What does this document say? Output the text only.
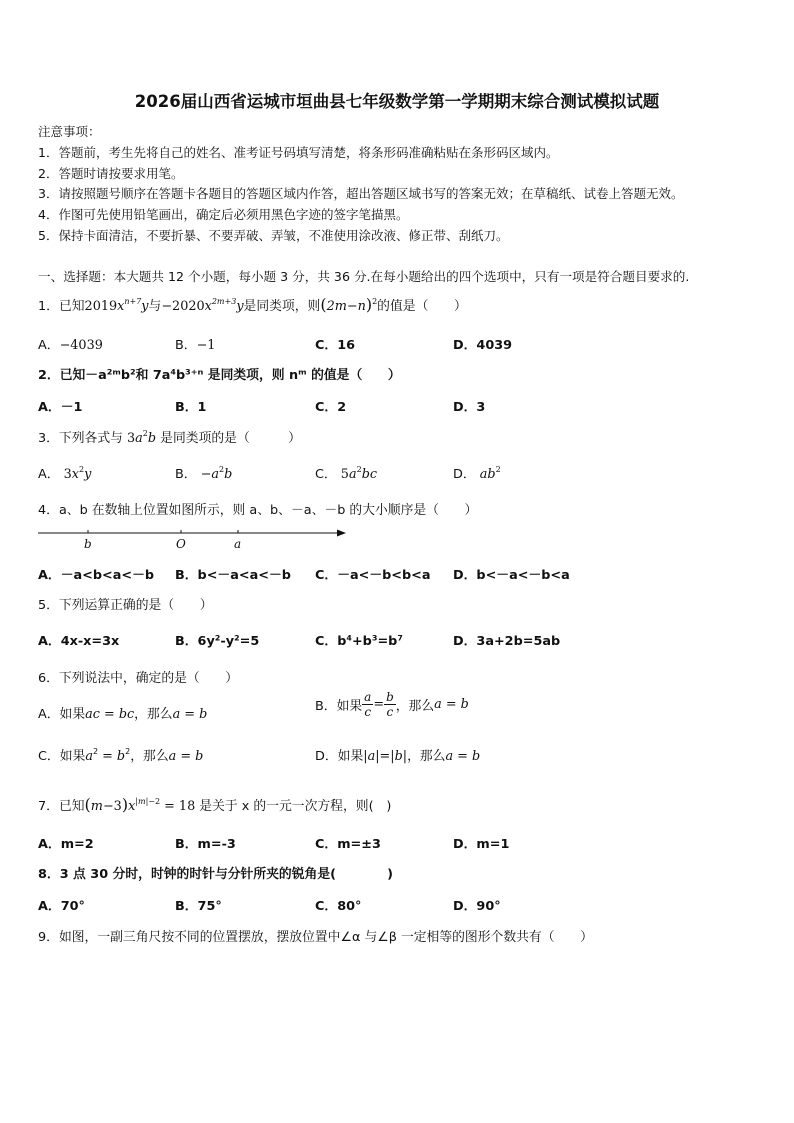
2026届山西省运城市垣曲县七年级数学第一学期期末综合测试模拟试题
注意事项：
1．答题前，考生先将自己的姓名、准考证号码填写清楚，将条形码准确粘贴在条形码区域内。
2．答题时请按要求用笔。
3．请按照题号顺序在答题卡各题目的答题区域内作答，超出答题区域书写的答案无效；在草稿纸、试卷上答题无效。
4．作图可先使用铅笔画出，确定后必须用黑色字迹的签字笔描黑。
5．保持卡面清洁，不要折暴、不要弄破、弄皱，不准使用涂改液、修正带、刮纸刀。
一、选择题：本大题共 12 个小题，每小题 3 分，共 36 分.在每小题给出的四个选项中，只有一项是符合题目要求的.
1．已知$2019x^{n+7}y$与$-2020x^{2m+3}y$是同类项，则$(2m-n)^2$的值是（　　）
A．−4039	B．−1	C．16	D．4039
2．已知－a²ᵐb²和 7a⁴b³⁺ⁿ 是同类项，则 nᵐ 的值是（　　）
A．－1	B．1	C．2	D．3
3．下列各式与 $3a^2b$ 是同类项的是（　　　）
A． $3x^2y$	B． $-a^2b$	C． $5a^2bc$	D． $ab^2$
4．a、b 在数轴上位置如图所示，则 a、b、－a、－b 的大小顺序是（　　）
b	O	a
A．－a<b<a<－b B．b<－a<a<－b C．－a<－b<b<a D．b<－a<－b<a
5．下列运算正确的是（　　）
A．4x-x=3x	B．6y²-y²=5	C．b⁴+b³=b⁷	D．3a+2b=5ab
6．下列说法中，确定的是（　　）
A．如果ac = bc，那么a = b
B．如果 $\frac{a}{c} = \frac{b}{c}$ ，那么a = b
C．如果$a^2 = b^2$，那么a = b	D．如果|a|=|b|，那么a = b
7．已知$(m-3)x^{|m|-2} = 18$ 是关于 x 的一元一次方程，则(　)
A．m=2	B．m=-3	C．m=±3	D．m=1
8．3 点 30 分时，时钟的时针与分针所夹的锐角是(　　　　)
A．70°	B．75°	C．80°	D．90°
9．如图，一副三角尺按不同的位置摆放，摆放位置中∠α 与∠β 一定相等的图形个数共有（　　）
